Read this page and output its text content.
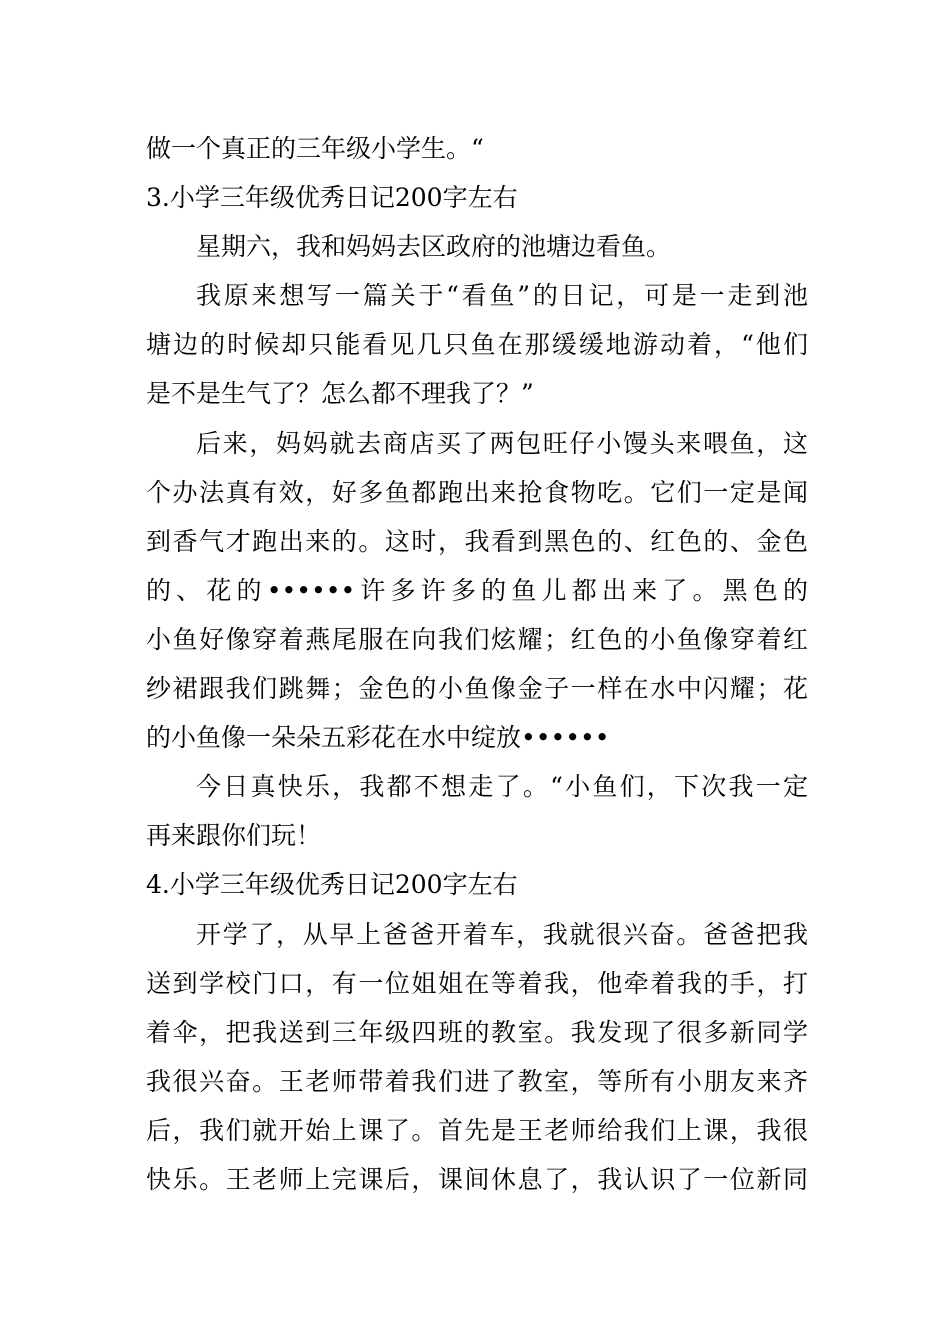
做一个真正的三年级小学生。“
3.小学三年级优秀日记200字左右
星期六，我和妈妈去区政府的池塘边看鱼。
我原来想写一篇关于“看鱼”的日记，可是一走到池
塘边的时候却只能看见几只鱼在那缓缓地游动着，“他们
是不是生气了？怎么都不理我了？”
后来，妈妈就去商店买了两包旺仔小馒头来喂鱼，这
个办法真有效，好多鱼都跑出来抢食物吃。它们一定是闻
到香气才跑出来的。这时，我看到黑色的、红色的、金色
的、花的••••••许多许多的鱼儿都出来了。黑色的
小鱼好像穿着燕尾服在向我们炫耀；红色的小鱼像穿着红
纱裙跟我们跳舞；金色的小鱼像金子一样在水中闪耀；花
的小鱼像一朵朵五彩花在水中绽放••••••
今日真快乐，我都不想走了。“小鱼们，下次我一定
再来跟你们玩！
4.小学三年级优秀日记200字左右
开学了，从早上爸爸开着车，我就很兴奋。爸爸把我
送到学校门口，有一位姐姐在等着我，他牵着我的手，打
着伞，把我送到三年级四班的教室。我发现了很多新同学
我很兴奋。王老师带着我们进了教室，等所有小朋友来齐
后，我们就开始上课了。首先是王老师给我们上课，我很
快乐。王老师上完课后，课间休息了，我认识了一位新同
